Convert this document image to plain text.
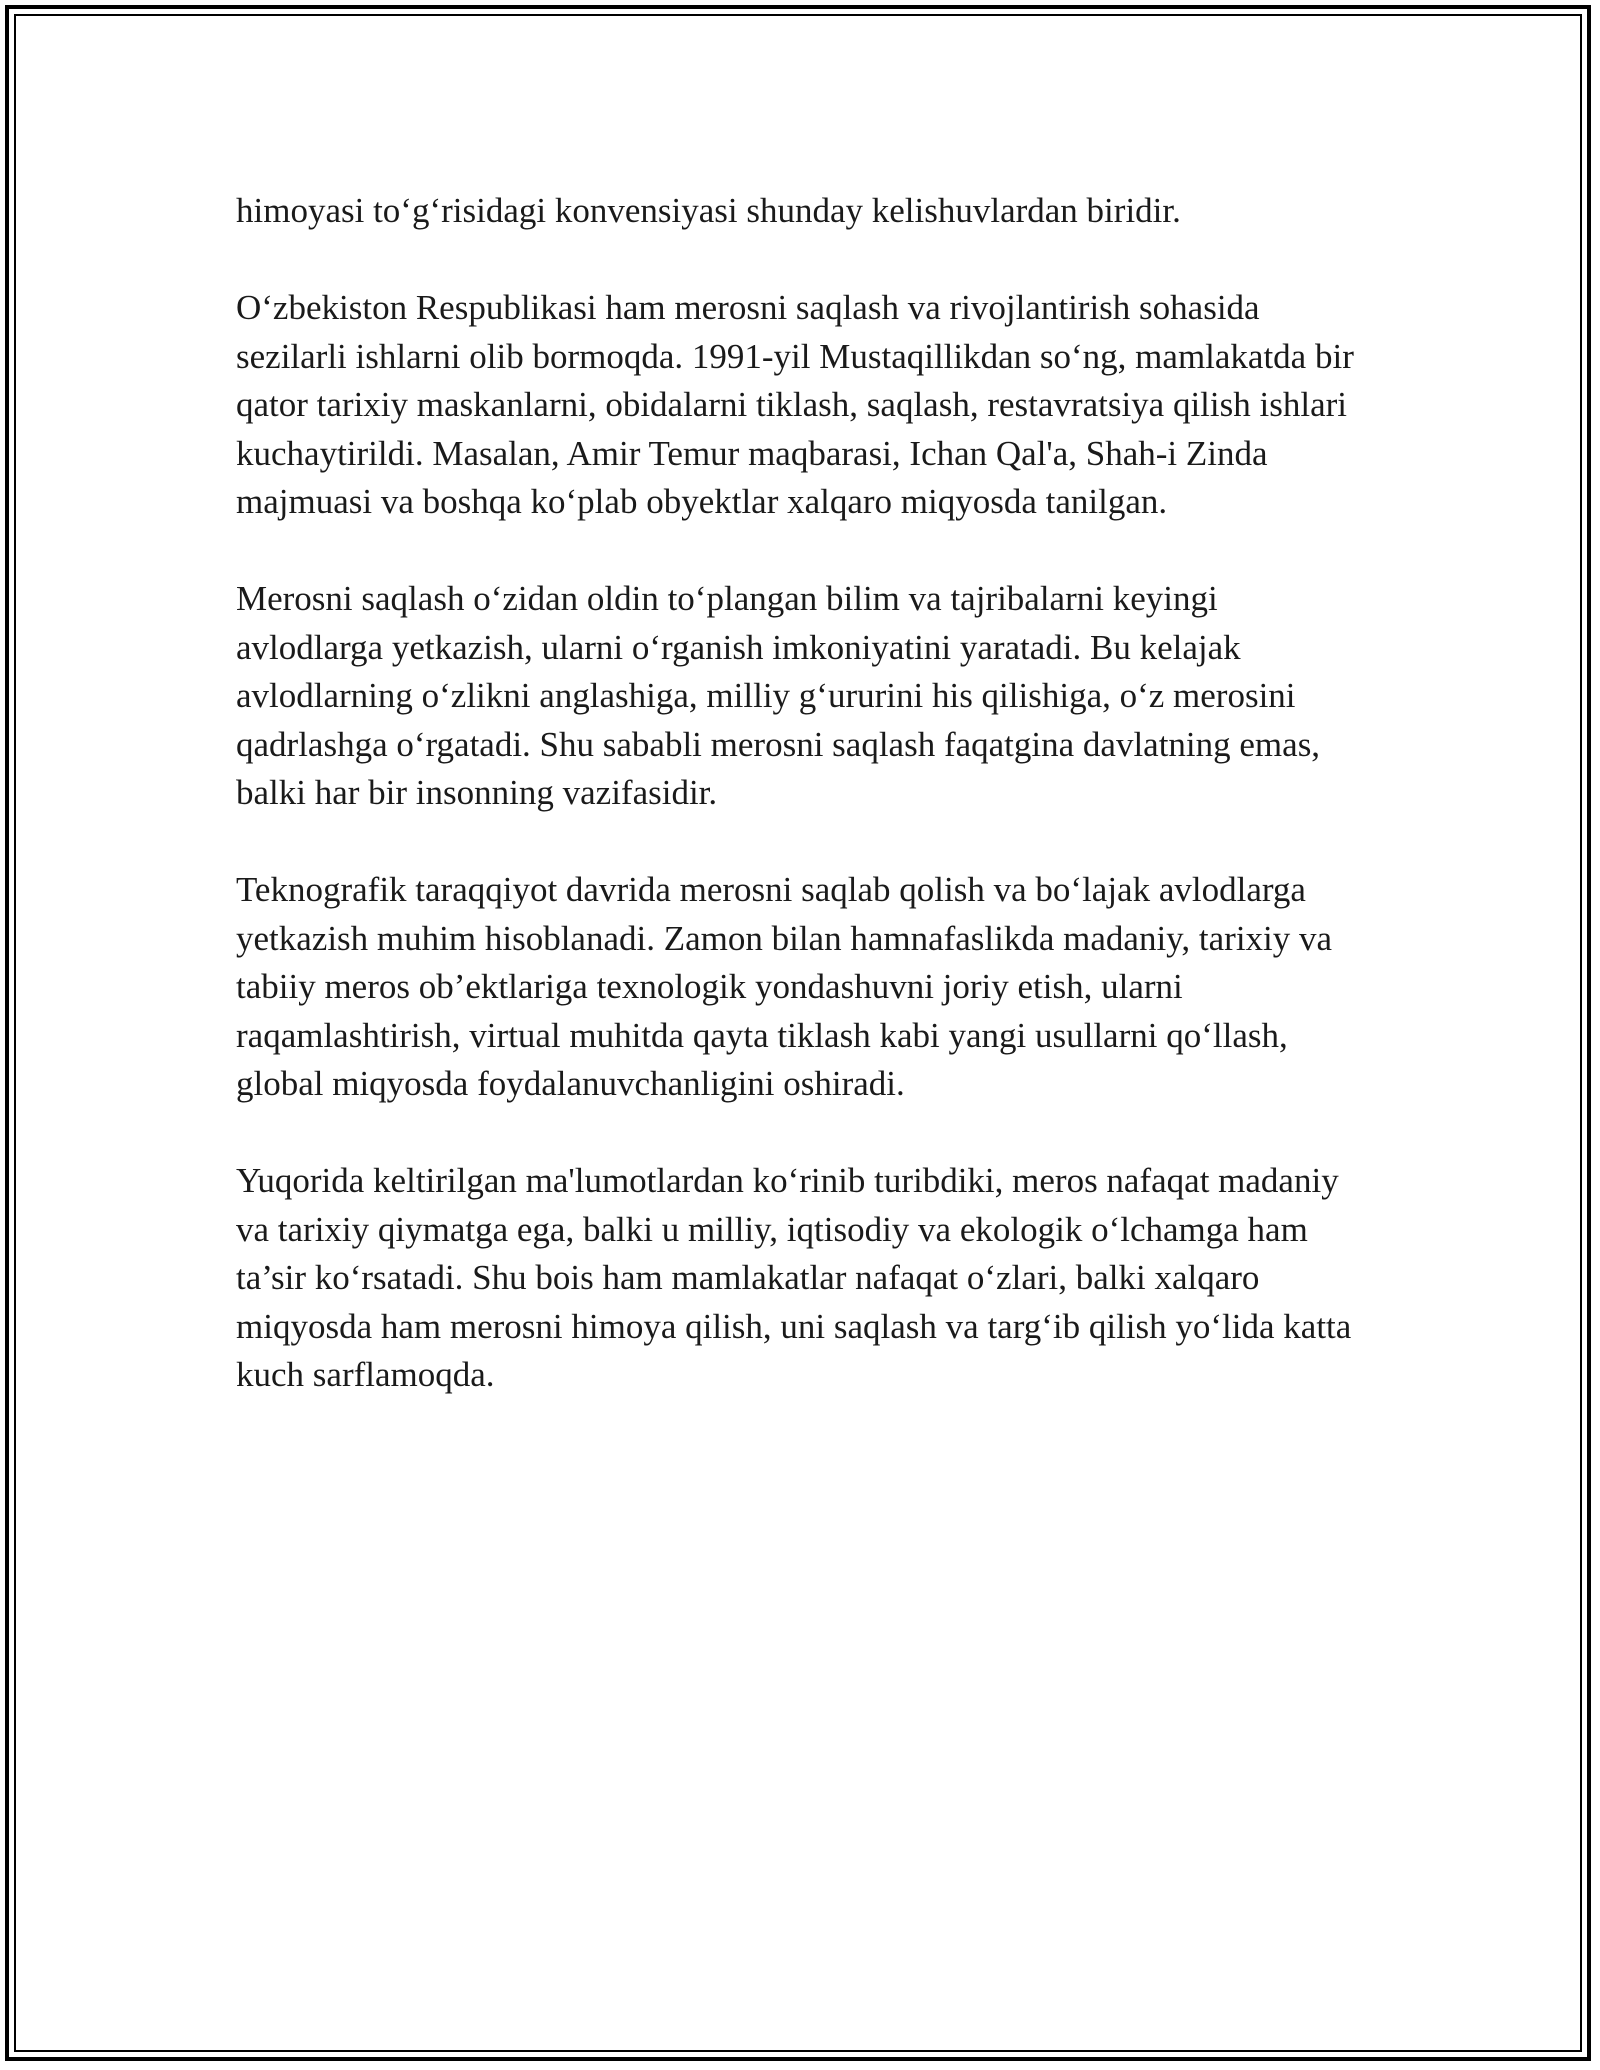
himoyasi to‘g‘risidagi konvensiyasi shunday kelishuvlardan biridir.

O‘zbekiston Respublikasi ham merosni saqlash va rivojlantirish sohasida sezilarli ishlarni olib bormoqda. 1991-yil Mustaqillikdan so‘ng, mamlakatda bir qator tarixiy maskanlarni, obidalarni tiklash, saqlash, restavratsiya qilish ishlari kuchaytirildi. Masalan, Amir Temur maqbarasi, Ichan Qal'a, Shah-i Zinda majmuasi va boshqa ko‘plab obyektlar xalqaro miqyosda tanilgan.

Merosni saqlash o‘zidan oldin to‘plangan bilim va tajribalarni keyingi avlodlarga yetkazish, ularni o‘rganish imkoniyatini yaratadi. Bu kelajak avlodlarning o‘zlikni anglashiga, milliy g‘ururini his qilishiga, o‘z merosini qadrlashga o‘rgatadi. Shu sababli merosni saqlash faqatgina davlatning emas, balki har bir insonning vazifasidir.

Teknografik taraqqiyot davrida merosni saqlab qolish va bo‘lajak avlodlarga yetkazish muhim hisoblanadi. Zamon bilan hamnafaslikda madaniy, tarixiy va tabiiy meros ob’ektlariga texnologik yondashuvni joriy etish, ularni raqamlashtirish, virtual muhitda qayta tiklash kabi yangi usullarni qo‘llash, global miqyosda foydalanuvchanligini oshiradi.

Yuqorida keltirilgan ma'lumotlardan ko‘rinib turibdiki, meros nafaqat madaniy va tarixiy qiymatga ega, balki u milliy, iqtisodiy va ekologik o‘lchamga ham ta’sir ko‘rsatadi. Shu bois ham mamlakatlar nafaqat o‘zlari, balki xalqaro miqyosda ham merosni himoya qilish, uni saqlash va targ‘ib qilish yo‘lida katta kuch sarflamoqda.
